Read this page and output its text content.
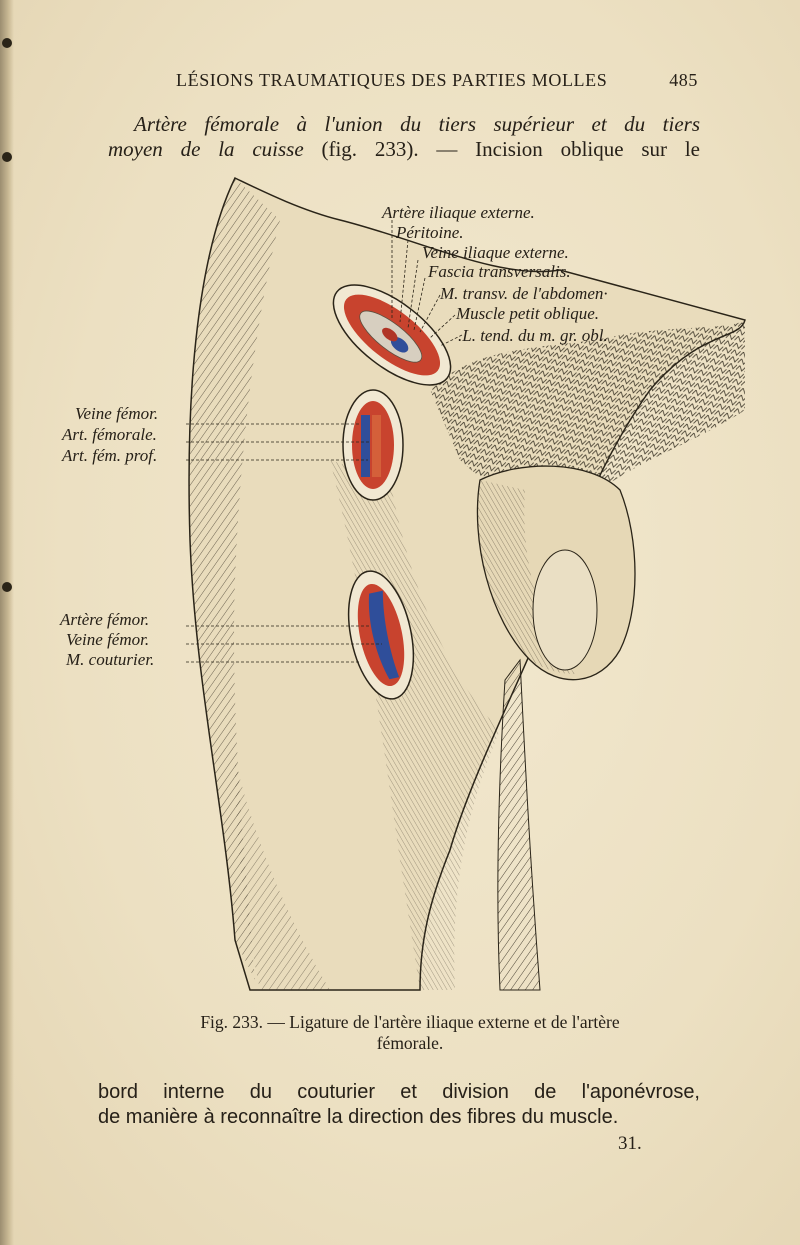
LÉSIONS TRAUMATIQUES DES PARTIES MOLLES	485
Artère fémorale à l'union du tiers supérieur et du tiers
moyen de la cuisse (fig. 233). — Incision oblique sur le
Artère iliaque externe.
Péritoine.
Veine iliaque externe.
Fascia transversalis.
M. transv. de l'abdomen·
Muscle petit oblique.
.L. tend. du m. gr. obl.
Veine fémor.
Art. fémorale.
Art. fém. prof.
Artère fémor.
Veine fémor.
M. couturier.
Fig. 233. — Ligature de l'artère iliaque externe et de l'artère
fémorale.
bord interne du couturier et division de l'aponévrose,
de manière à reconnaître la direction des fibres du muscle.
31.
